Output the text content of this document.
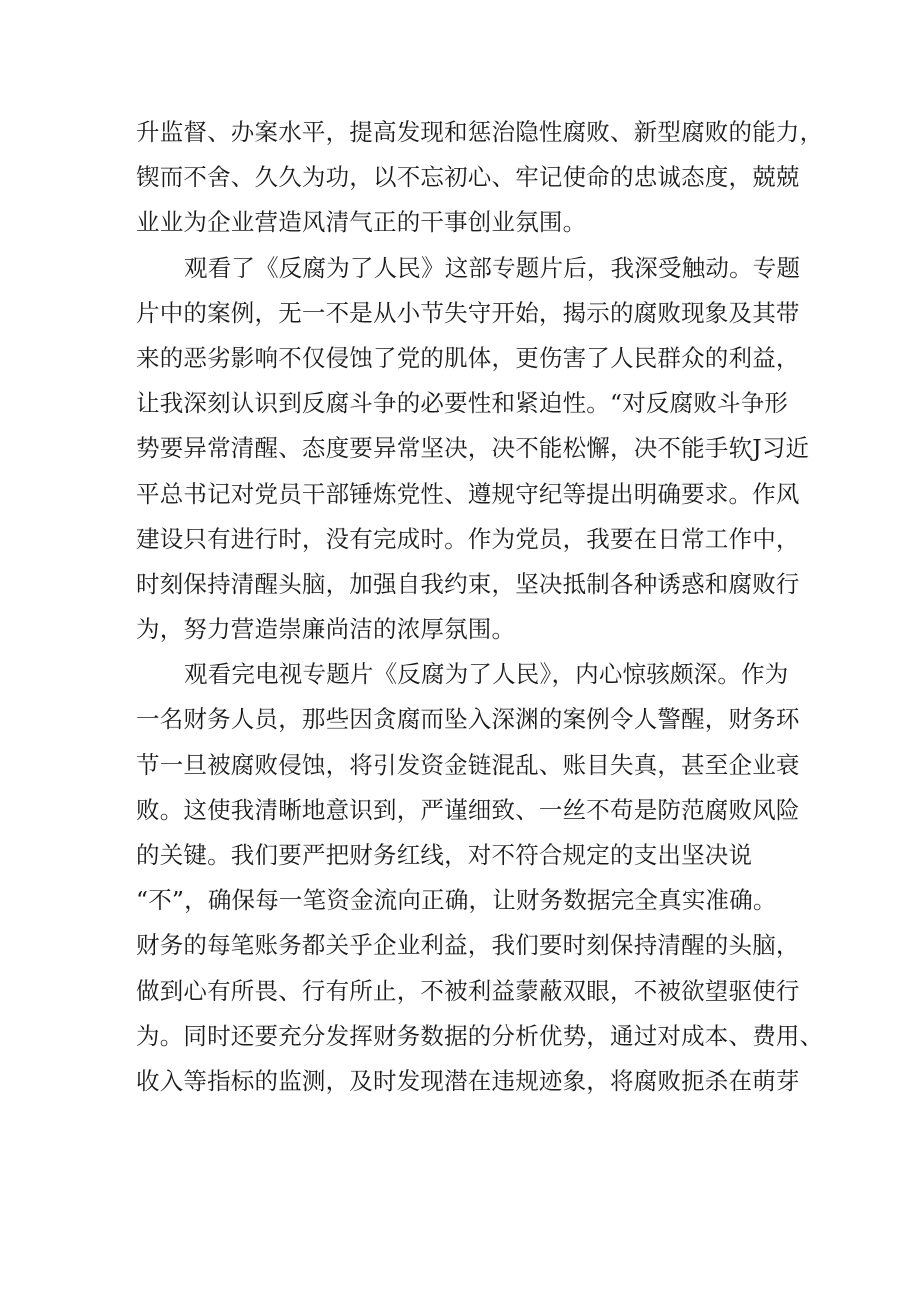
升监督、办案水平，提高发现和惩治隐性腐败、新型腐败的能力，
锲而不舍、久久为功，以不忘初心、牢记使命的忠诚态度，兢兢
业业为企业营造风清气正的干事创业氛围。
观看了《反腐为了人民》这部专题片后，我深受触动。专题
片中的案例，无一不是从小节失守开始，揭示的腐败现象及其带
来的恶劣影响不仅侵蚀了党的肌体，更伤害了人民群众的利益，
让我深刻认识到反腐斗争的必要性和紧迫性。“对反腐败斗争形
势要异常清醒、态度要异常坚决，决不能松懈，决不能手软J习近
平总书记对党员干部锤炼党性、遵规守纪等提出明确要求。作风
建设只有进行时，没有完成时。作为党员，我要在日常工作中，
时刻保持清醒头脑，加强自我约束，坚决抵制各种诱惑和腐败行
为，努力营造崇廉尚洁的浓厚氛围。
观看完电视专题片《反腐为了人民》，内心惊骇颇深。作为
一名财务人员，那些因贪腐而坠入深渊的案例令人警醒，财务环
节一旦被腐败侵蚀，将引发资金链混乱、账目失真，甚至企业衰
败。这使我清晰地意识到，严谨细致、一丝不苟是防范腐败风险
的关键。我们要严把财务红线，对不符合规定的支出坚决说
“不”，确保每一笔资金流向正确，让财务数据完全真实准确。
财务的每笔账务都关乎企业利益，我们要时刻保持清醒的头脑，
做到心有所畏、行有所止，不被利益蒙蔽双眼，不被欲望驱使行
为。同时还要充分发挥财务数据的分析优势，通过对成本、费用、
收入等指标的监测，及时发现潜在违规迹象，将腐败扼杀在萌芽
